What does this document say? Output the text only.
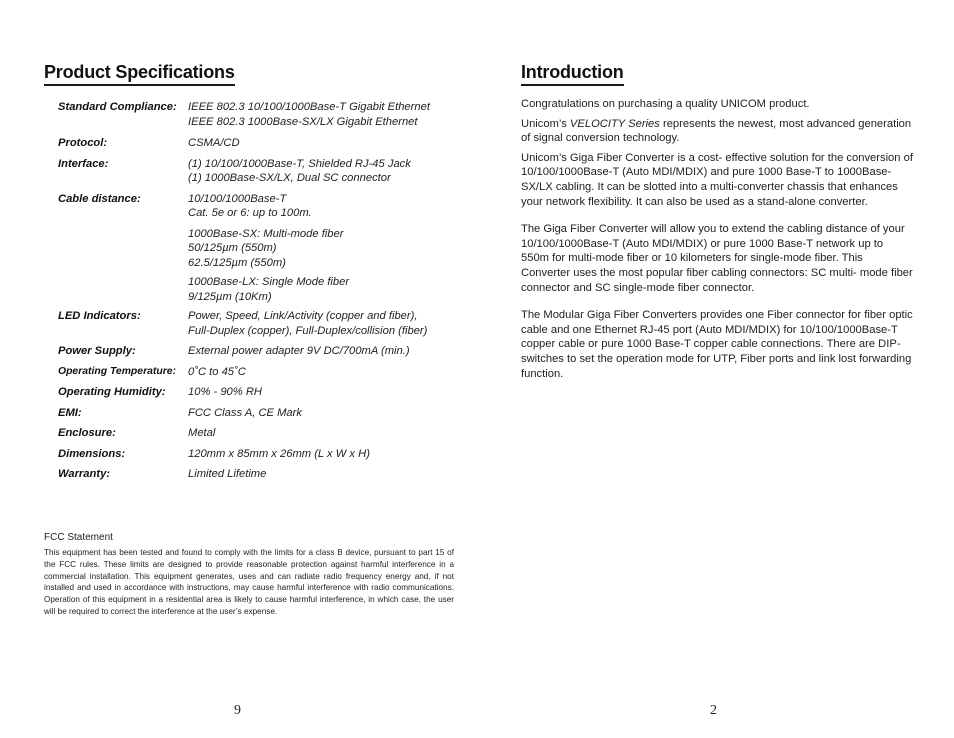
Product Specifications
Standard Compliance:	IEEE 802.3 10/100/1000Base-T Gigabit Ethernet
IEEE 802.3 1000Base-SX/LX Gigabit Ethernet
Protocol:	CSMA/CD
Interface:	(1) 10/100/1000Base-T, Shielded RJ-45 Jack
(1) 1000Base-SX/LX, Dual SC connector
Cable distance:	10/100/1000Base-T
Cat. 5e or 6: up to 100m.
1000Base-SX: Multi-mode fiber
50/125µm (550m)
62.5/125µm (550m)
1000Base-LX: Single Mode fiber
9/125µm (10Km)
LED Indicators:	Power, Speed, Link/Activity (copper and fiber),
Full-Duplex (copper), Full-Duplex/collision (fiber)
Power Supply:	External power adapter 9V DC/700mA (min.)
Operating Temperature:	0˚C to 45˚C
Operating Humidity:	10% - 90% RH
EMI:	FCC Class A, CE Mark
Enclosure:	Metal
Dimensions:	120mm x 85mm x 26mm (L x W x H)
Warranty:	Limited Lifetime
FCC Statement

This equipment has been tested and found to comply with the limits for a class B device, pursuant to part 15 of the FCC rules. These limits are designed to provide reasonable protection against harmful interference in a commercial installation. This equipment generates, uses and can radiate radio frequency energy and, if not installed and used in accordance with instructions, may cause harmful interference with radio communications. Operation of this equipment in a residential area is likely to cause harmful interference, in which case, the user will be required to correct the interference at the user’s expense.

9
Introduction

Congratulations on purchasing a quality UNICOM product.

Unicom’s VELOCITY Series represents the newest, most advanced generation of signal conversion technology.

Unicom’s Giga Fiber Converter is a cost- effective solution for the conversion of 10/100/1000Base-T (Auto MDI/MDIX) and pure 1000 Base-T to 1000Base-SX/LX cabling. It can be slotted into a multi-converter chassis that enhances your network flexibility. It can also be used as a stand-alone converter.

The Giga Fiber Converter will allow you to extend the cabling distance of your 10/100/1000Base-T (Auto MDI/MDIX) or pure 1000 Base-T network up to 550m for multi-mode fiber or 10 kilometers for single-mode fiber. This Converter uses the most popular fiber cabling connectors: SC multi- mode fiber connector and SC single-mode fiber connector.

The Modular Giga Fiber Converters provides one Fiber connector for fiber optic cable and one Ethernet RJ-45 port (Auto MDI/MDIX) for 10/100/1000Base-T copper cable or pure 1000 Base-T copper cable connections. There are DIP- switches to set the operation mode for UTP, Fiber ports and link lost forwarding function.

2
